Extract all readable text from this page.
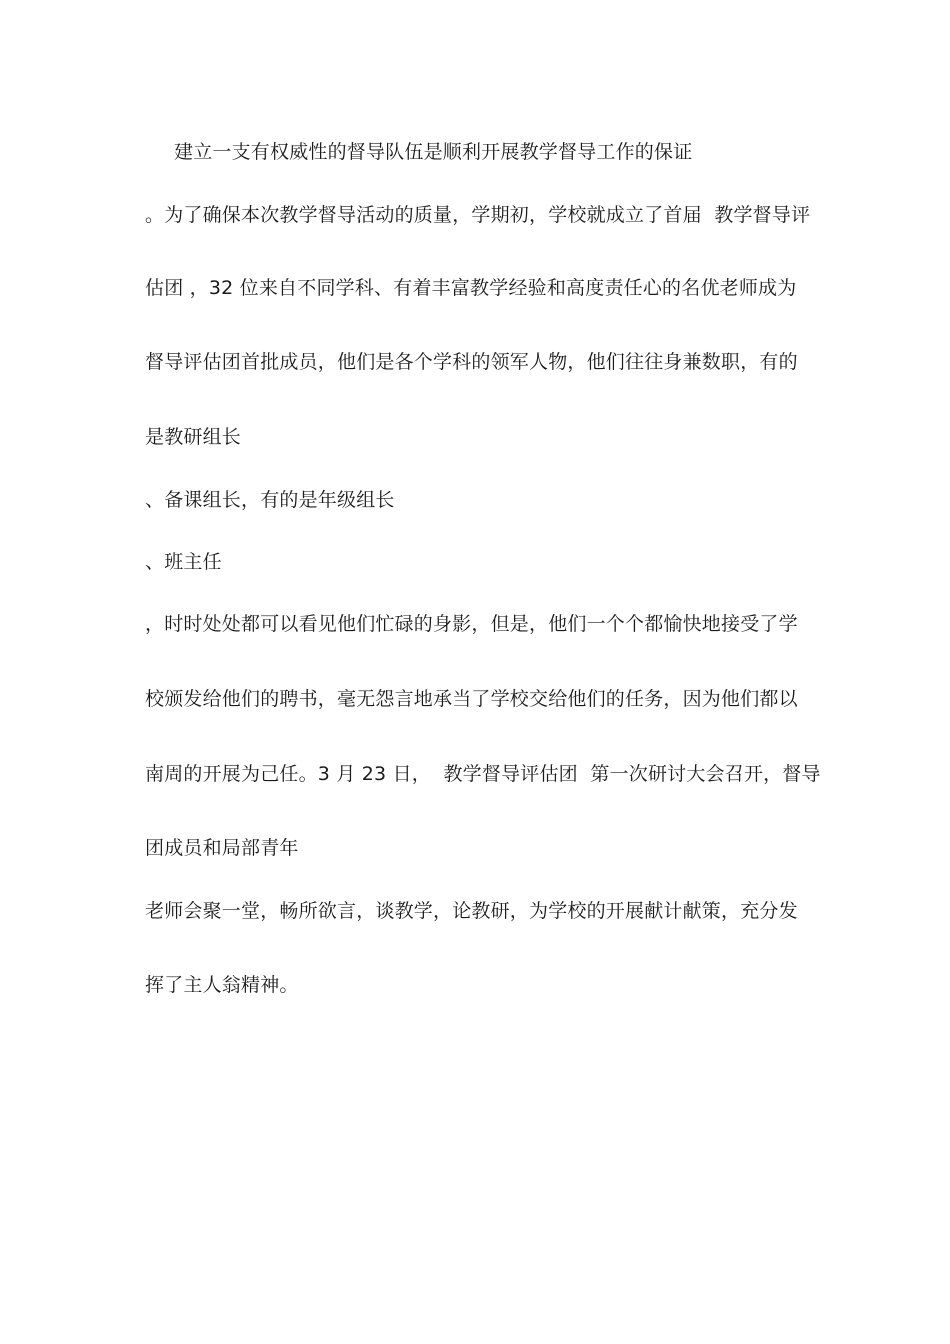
建立一支有权威性的督导队伍是顺利开展教学督导工作的保证
。为了确保本次教学督导活动的质量，学期初，学校就成立了首届  教学督导评
估团 ，32 位来自不同学科、有着丰富教学经验和高度责任心的名优老师成为
督导评估团首批成员，他们是各个学科的领军人物，他们往往身兼数职，有的
是教研组长
、备课组长，有的是年级组长
、班主任
，时时处处都可以看见他们忙碌的身影，但是，他们一个个都愉快地接受了学
校颁发给他们的聘书，毫无怨言地承当了学校交给他们的任务，因为他们都以
南周的开展为己任。3 月 23 日，  教学督导评估团  第一次研讨大会召开，督导
团成员和局部青年
老师会聚一堂，畅所欲言，谈教学，论教研，为学校的开展献计献策，充分发
挥了主人翁精神。
